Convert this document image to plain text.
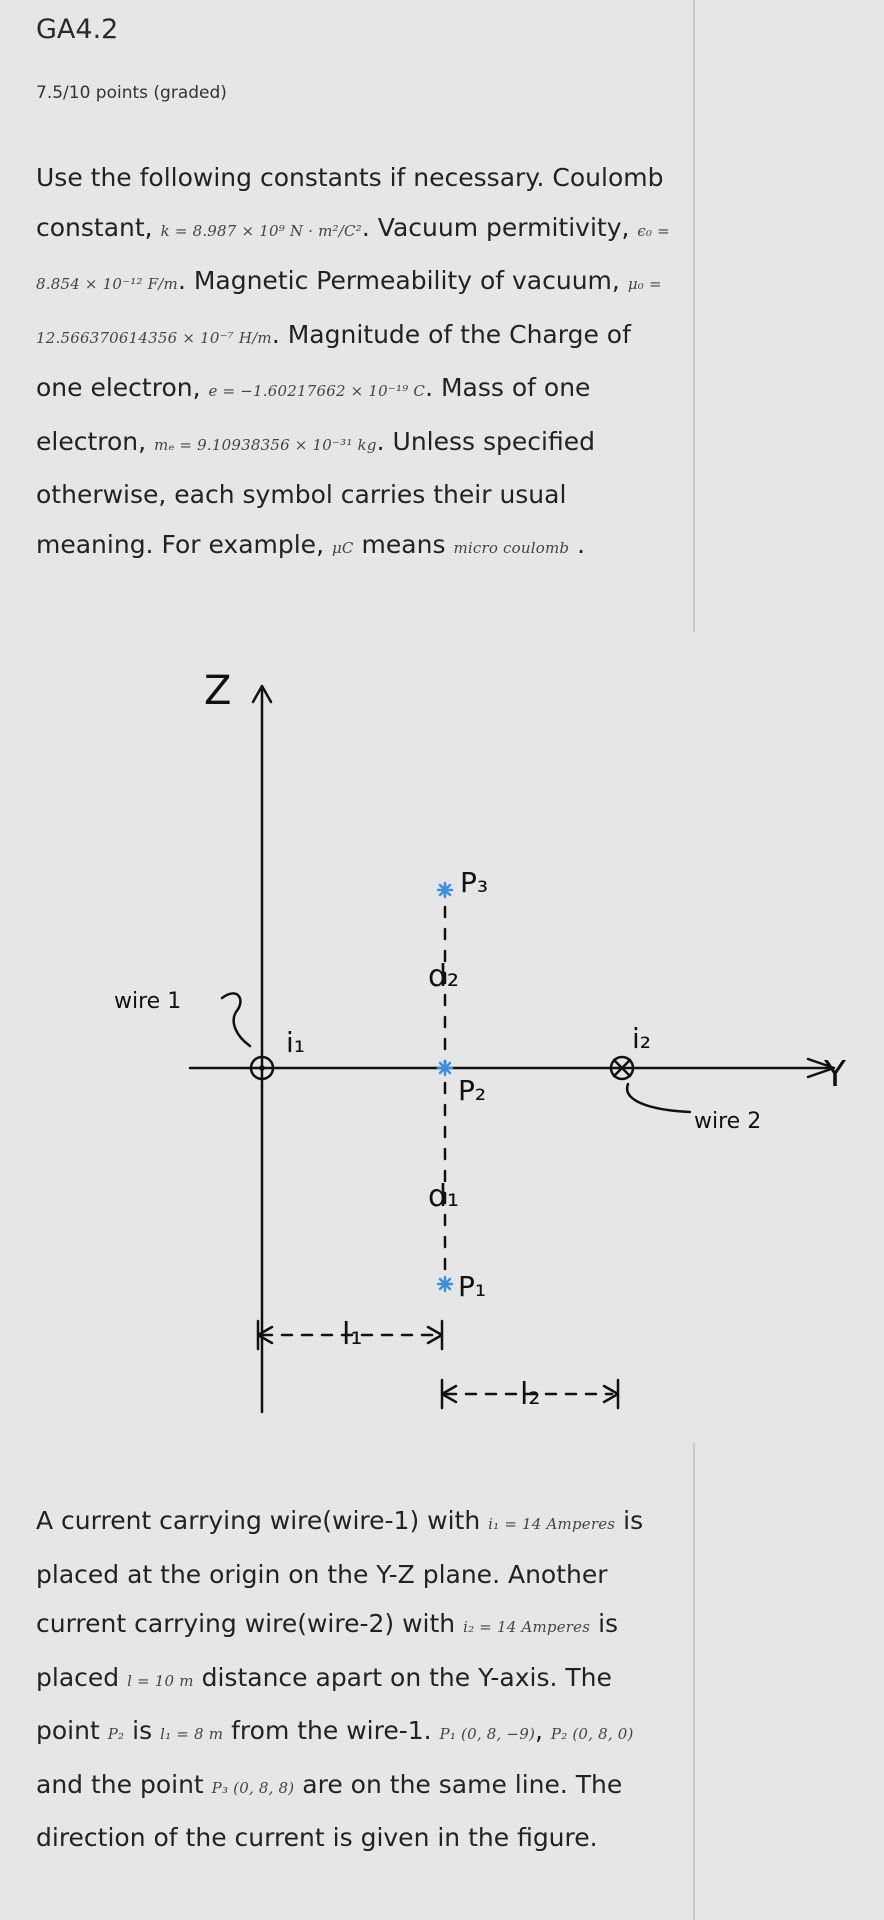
GA4.2
7.5/10 points (graded)
Use the following constants if necessary. Coulomb constant, k = 8.987 × 10⁹ N · m²/C². Vacuum permitivity, ϵ₀ = 8.854 × 10⁻¹² F/m. Magnetic Permeability of vacuum, μ₀ = 12.566370614356 × 10⁻⁷ H/m. Magnitude of the Charge of one electron, e = −1.60217662 × 10⁻¹⁹ C. Mass of one electron, mₑ = 9.10938356 × 10⁻³¹ kg. Unless specified otherwise, each symbol carries their usual meaning. For example, μC means micro coulomb .
Z
Y
wire 1
wire 2
i₁	i₂
P₃
P₂
P₁
d₂
d₁
l₁
l₂
A current carrying wire(wire-1) with i₁ = 14 Amperes is placed at the origin on the Y-Z plane. Another current carrying wire(wire-2) with i₂ = 14 Amperes is placed l = 10 m distance apart on the Y-axis. The point P₂ is l₁ = 8 m from the wire-1. P₁ (0, 8, −9), P₂ (0, 8, 0) and the point P₃ (0, 8, 8) are on the same line. The direction of the current is given in the figure.
